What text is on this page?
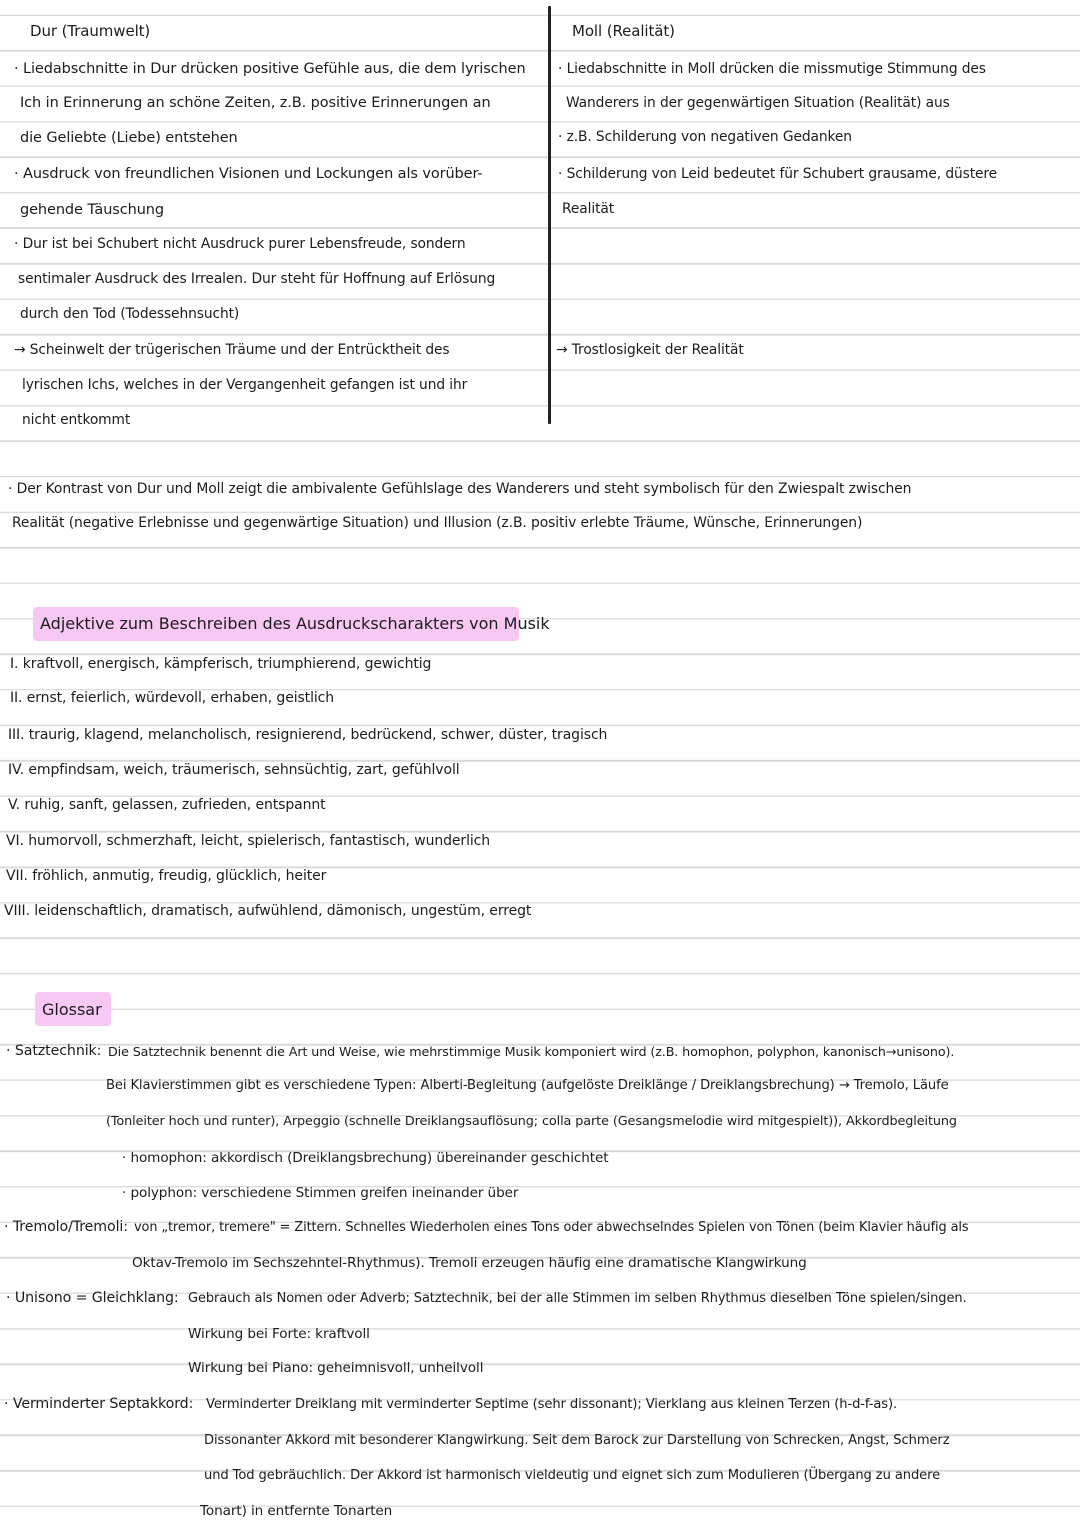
Dur (Traumwelt)
· Liedabschnitte in Dur drücken positive Gefühle aus, die dem lyrischen
Ich in Erinnerung an schöne Zeiten, z.B. positive Erinnerungen an
die Geliebte (Liebe) entstehen
· Ausdruck von freundlichen Visionen und Lockungen als vorüber-
gehende Täuschung
· Dur ist bei Schubert nicht Ausdruck purer Lebensfreude, sondern
sentimaler Ausdruck des Irrealen. Dur steht für Hoffnung auf Erlösung
durch den Tod (Todessehnsucht)
→ Scheinwelt der trügerischen Träume und der Entrücktheit des
lyrischen Ichs, welches in der Vergangenheit gefangen ist und ihr
nicht entkommt
Moll (Realität)
· Liedabschnitte in Moll drücken die missmutige Stimmung des
Wanderers in der gegenwärtigen Situation (Realität) aus
· z.B. Schilderung von negativen Gedanken
· Schilderung von Leid bedeutet für Schubert grausame, düstere
Realität
→ Trostlosigkeit der Realität
· Der Kontrast von Dur und Moll zeigt die ambivalente Gefühlslage des Wanderers und steht symbolisch für den Zwiespalt zwischen
Realität (negative Erlebnisse und gegenwärtige Situation) und Illusion (z.B. positiv erlebte Träume, Wünsche, Erinnerungen)
Adjektive zum Beschreiben des Ausdruckscharakters von Musik
I. kraftvoll, energisch, kämpferisch, triumphierend, gewichtig
II. ernst, feierlich, würdevoll, erhaben, geistlich
III. traurig, klagend, melancholisch, resignierend, bedrückend, schwer, düster, tragisch
IV. empfindsam, weich, träumerisch, sehnsüchtig, zart, gefühlvoll
V. ruhig, sanft, gelassen, zufrieden, entspannt
VI. humorvoll, schmerzhaft, leicht, spielerisch, fantastisch, wunderlich
VII. fröhlich, anmutig, freudig, glücklich, heiter
VIII. leidenschaftlich, dramatisch, aufwühlend, dämonisch, ungestüm, erregt
Glossar
· Satztechnik: Die Satztechnik benennt die Art und Weise, wie mehrstimmige Musik komponiert wird (z.B. homophon, polyphon, kanonisch→unisono).
Bei Klavierstimmen gibt es verschiedene Typen: Alberti-Begleitung (aufgelöste Dreiklänge / Dreiklangsbrechung) → Tremolo, Läufe
(Tonleiter hoch und runter), Arpeggio (schnelle Dreiklangsauflösung; colla parte (Gesangsmelodie wird mitgespielt)), Akkordbegleitung
· homophon: akkordisch (Dreiklangsbrechung) übereinander geschichtet
· polyphon: verschiedene Stimmen greifen ineinander über
· Tremolo/Tremoli: von „tremor, tremere" = Zittern. Schnelles Wiederholen eines Tons oder abwechselndes Spielen von Tönen (beim Klavier häufig als
Oktav-Tremolo im Sechszehntel-Rhythmus). Tremoli erzeugen häufig eine dramatische Klangwirkung
· Unisono = Gleichklang: Gebrauch als Nomen oder Adverb; Satztechnik, bei der alle Stimmen im selben Rhythmus dieselben Töne spielen/singen.
Wirkung bei Forte: kraftvoll
Wirkung bei Piano: geheimnisvoll, unheilvoll
· Verminderter Septakkord: Verminderter Dreiklang mit verminderter Septime (sehr dissonant); Vierklang aus kleinen Terzen (h-d-f-as).
Dissonanter Akkord mit besonderer Klangwirkung. Seit dem Barock zur Darstellung von Schrecken, Angst, Schmerz
und Tod gebräuchlich. Der Akkord ist harmonisch vieldeutig und eignet sich zum Modulieren (Übergang zu andere
Tonart) in entfernte Tonarten
